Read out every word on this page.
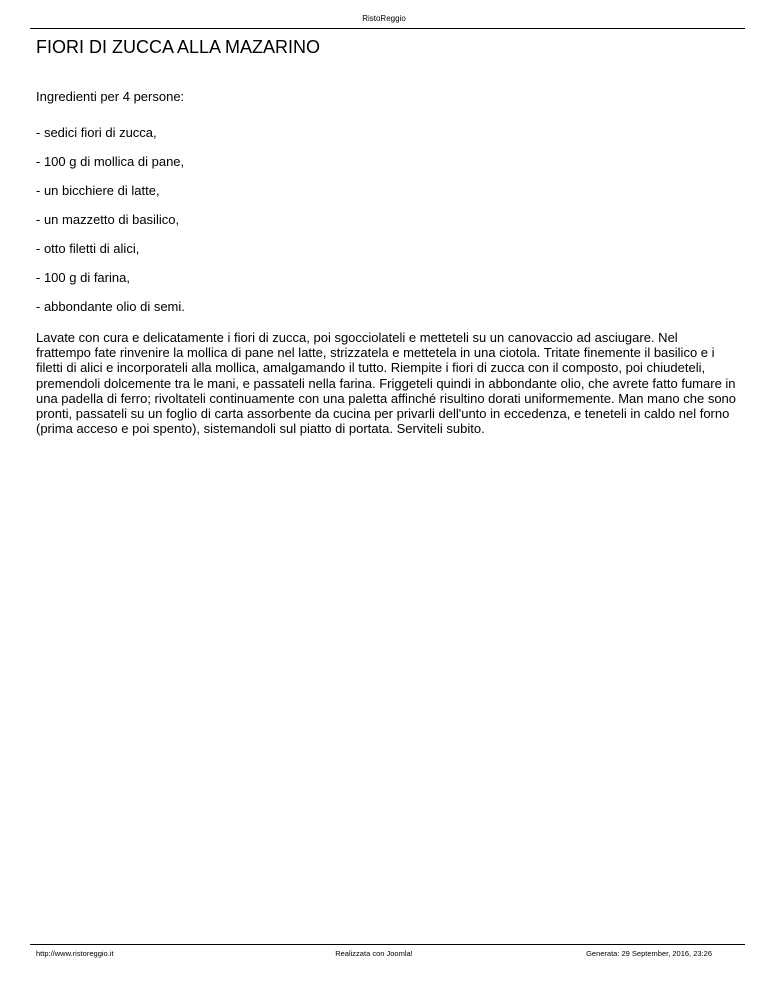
RistoReggio
FIORI DI ZUCCA ALLA MAZARINO

Ingredienti per 4 persone:

- sedici fiori di zucca,
- 100 g di mollica di pane,
- un bicchiere di latte,
- un mazzetto di basilico,
- otto filetti di alici,
- 100 g di farina,
- abbondante olio di semi.

Lavate con cura e delicatamente i fiori di zucca, poi sgocciolateli e metteteli su un canovaccio ad asciugare. Nel frattempo fate rinvenire la mollica di pane nel latte, strizzatela e mettetela in una ciotola. Tritate finemente il basilico e i filetti di alici e incorporateli alla mollica, amalgamando il tutto. Riempite i fiori di zucca con il composto, poi chiudeteli, premendoli dolcemente tra le mani, e passateli nella farina. Friggeteli quindi in abbondante olio, che avrete fatto fumare in una padella di ferro; rivoltateli continuamente con una paletta affinché risultino dorati uniformemente. Man mano che sono pronti, passateli su un foglio di carta assorbente da cucina per privarli dell'unto in eccedenza, e teneteli in caldo nel forno (prima acceso e poi spento), sistemandoli sul piatto di portata. Serviteli subito.

http://www.ristoreggio.it	Realizzata con Joomla!	Generata: 29 September, 2016, 23:26
